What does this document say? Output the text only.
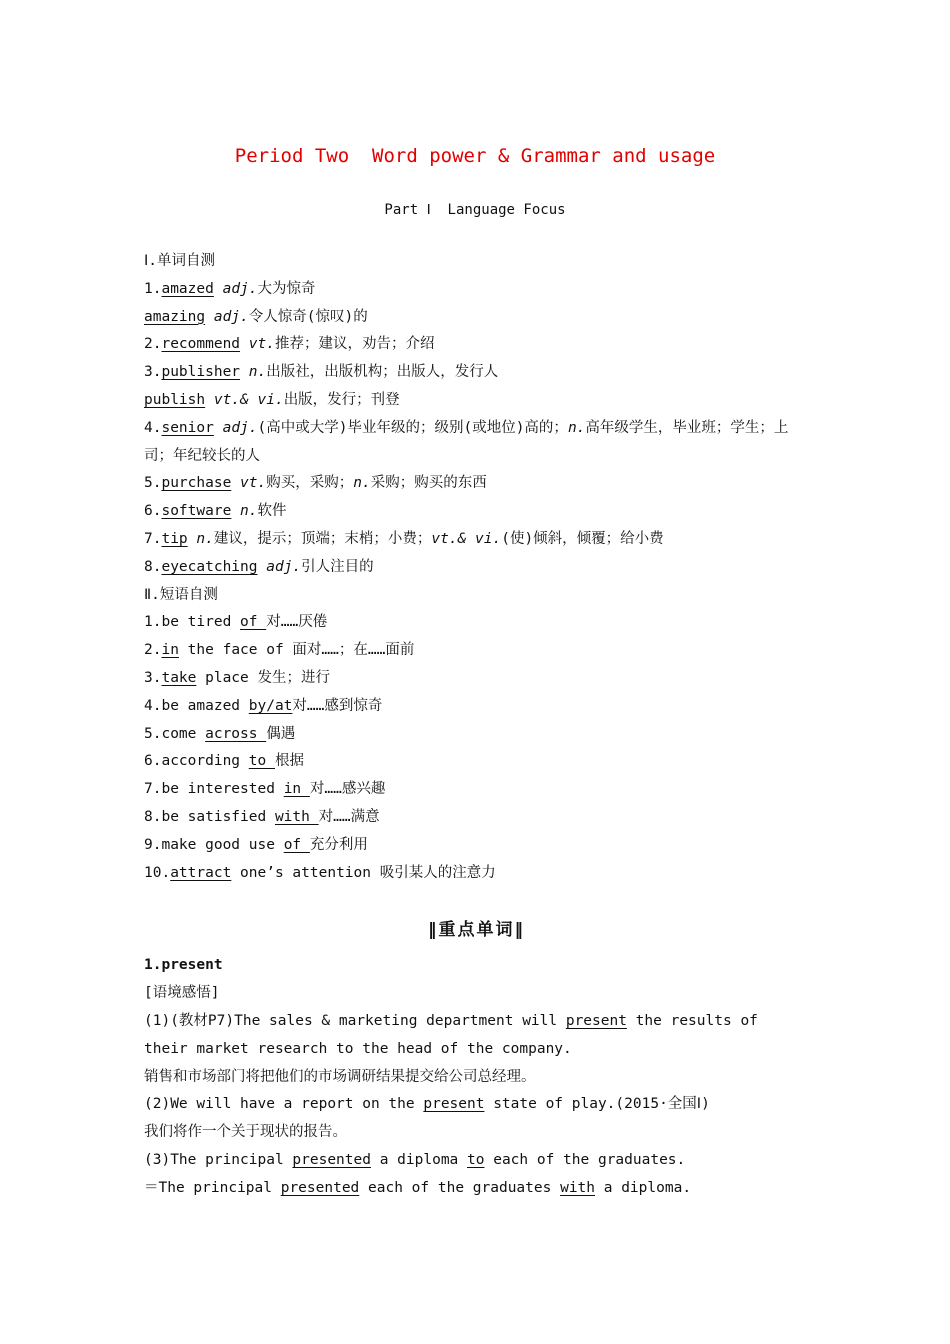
Period Two  Word power & Grammar and usage
Part Ⅰ  Language Focus
Ⅰ.单词自测
1.amazed adj.大为惊奇
amazing adj.令人惊奇(惊叹)的
2.recommend vt.推荐；建议，劝告；介绍
3.publisher n.出版社，出版机构；出版人，发行人
publish vt.& vi.出版，发行；刊登
4.senior adj.(高中或大学)毕业年级的；级别(或地位)高的；n.高年级学生，毕业班；学生；上司；年纪较长的人
5.purchase vt.购买，采购；n.采购；购买的东西
6.software n.软件
7.tip n.建议，提示；顶端；末梢；小费；vt.& vi.(使)倾斜，倾覆；给小费
8.eyecatching adj.引人注目的
Ⅱ.短语自测
1.be tired of 对……厌倦
2.in the face of 面对……；在……面前
3.take place 发生；进行
4.be amazed by/at对……感到惊奇
5.come across 偶遇
6.according to 根据
7.be interested in 对……感兴趣
8.be satisfied with 对……满意
9.make good use of 充分利用
10.attract one’s attention 吸引某人的注意力
‖重点单词‖
1.present
[语境感悟]
(1)(教材P7)The sales & marketing department will present the results of their market research to the head of the company.
销售和市场部门将把他们的市场调研结果提交给公司总经理。
(2)We will have a report on the present state of play.(2015·全国Ⅰ)
我们将作一个关于现状的报告。
(3)The principal presented a diploma to each of the graduates.
＝The principal presented each of the graduates with a diploma.
